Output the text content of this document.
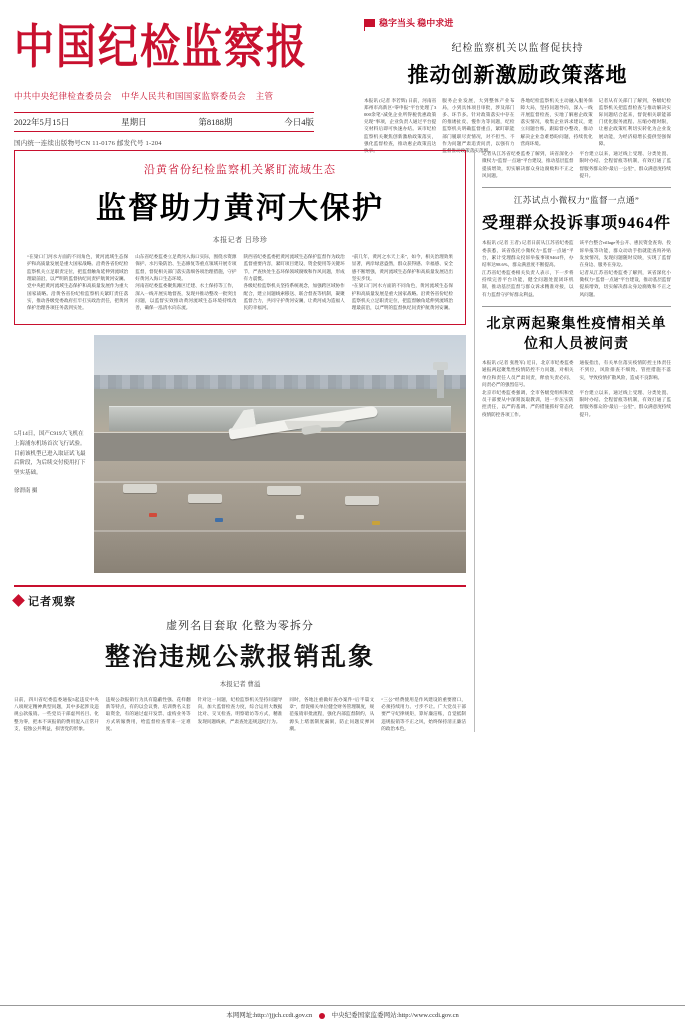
中国纪检监察报
中共中央纪律检查委员会 中华人民共和国国家监察委员会 主管
2022年5月15日	星期日	第8188期	今日4版
国内统一连续出版物号CN 11-0176 邮发代号 1-204
稳字当头 稳中求进
纪检监察机关以监督促扶持
推动创新激励政策落地
本报讯 (记者 李若辉) 日前，河南省郑州市高新区“零申报”平台处理了3000余笔“减免企业所得税优惠政策兑现”事项，企业负责人通过平台提交材料后即可快速办结。该市纪检监察机关聚焦创新激励政策落实，强化监督检查，推动惠企政策直达快享。
服务企业发展，大到整体产业布局，小到具体项目审批，涉及部门多、环节多。针对政策落实中存在的推诿扯皮、慢作为等问题，纪检监察机关明确监督重点，紧盯职能部门履职尽责情况，对不担当、不作为问题严肃追责问责，以强有力监督推动政策落实落细。
各地纪检监察机关主动融入服务保障大局，坚持问题导向，深入一线开展监督检查，实地了解惠企政策落实情况，收集企业诉求建议，建立问题台账，跟踪督办整改，推动解决企业急难愁盼问题，持续优化营商环境。
记者从有关部门了解到，各级纪检监察机关把监督检查与推动解决实际问题结合起来，督促相关职能部门优化服务流程、压缩办理时限，让惠企政策红利切实转化为企业发展动能，为经济稳增长提供坚强保障。
沿黄省份纪检监察机关紧盯流域生态
监督助力黄河大保护
本报记者 吕珍珍
“在梁口门河水方面的不同角色，黄河流域生态保护和高质量发展是重大国家战略。沿黄各省份纪检监察机关立足职责定位，把监督触角延伸到流域治理最前沿，以严明的监督执纪问责护航黄河安澜。
党中央把黄河流域生态保护和高质量发展作为重大国家战略。沿黄各省份纪检监察机关紧盯责任落实，推动各级党委政府扛牢扛实政治责任，把黄河保护治理各项任务落到实处。
山东省纪委监委立足黄河入海口实际，围绕水资源保护、水污染防治、生态修复等重点领域开展专项监督，督促相关部门落实落细各项治理措施，守护好黄河入海口生态环境。
河南省纪委监委聚焦滩区迁建、水土保持等工作，深入一线开展实地督查，发现并推动整改一批突出问题，以监督实效推动黄河流域生态环境持续改善，确保一泓清水向东流。
陕西省纪委监委把黄河流域生态保护监督作为政治监督重要内容，紧盯项目建设、资金使用等关键环节，严查快处生态环保领域腐败和作风问题，形成有力震慑。
各级纪检监察机关坚持系统观念，加强跨区域协作配合，建立问题线索移送、联合督查等机制，凝聚监督合力，共同守护黄河安澜，让黄河成为造福人民的幸福河。
“前几年，黄河之水天上来”，如今，相关治理效果显著，两岸绿意盎然，群众获得感、幸福感、安全感不断增强，黄河流域生态保护和高质量发展迈出坚实步伐。
“在梁口门河水方面的不同角色，黄河流域生态保护和高质量发展是重大国家战略。沿黄各省份纪检监察机关立足职责定位，把监督触角延伸到流域治理最前沿，以严明的监督执纪问责护航黄河安澜。
5月14日，国产C919大飞机在上海浦东机场首次飞行试验。目前该机型已进入取证试飞最后阶段，为后续交付使用打下坚实基础。
徐渭南 摄
记者观察
虚列名目套取 化整为零拆分
整治违规公款报销乱象
本报记者 曹溢
日前，四川省纪委监委通报5起违反中央八项规定精神典型问题，其中多起涉及违规公款报销。一些党员干部虚列名目、化整为零，把本不该报销的费用混入正常开支，侵蚀公共利益，损害党的形象。
违规公款报销行为具有隐蔽性强、花样翻新等特点，有的以会议费、培训费名义套取资金，有的通过虚开发票、虚构业务等方式转嫁费用，给监督检查带来一定难度。
针对这一问题，纪检监察机关坚持问题导向，加大监督检查力度，综合运用大数据比对、交叉检查、明察暗访等方式，精准发现问题线索，严肃查处违规违纪行为。
同时，各地注重做好查办案件“后半篇文章”，督促相关单位健全财务管理制度，规范报销审批流程，强化内部监督制约，从源头上堵塞制度漏洞，防止问题反弹回潮。
“三公”经费使用是作风建设的重要窗口，必须持续用力、寸步不让。广大党员干部要严守纪律规矩，算好廉洁账，自觉抵制违规报销等不正之风，始终保持清正廉洁的政治本色。
记者从江苏省纪委监委了解到，该省深化小微权力“监督一点通”平台建设，推动基层监督提质增效，切实解决群众身边腐败和不正之风问题。
平台建立以来，通过线上受理、分类处置、限时办结、全程留痕等机制，有效打通了监督服务群众的“最后一公里”，群众满意度持续提升。
江苏试点小微权力“监督一点通”
受理群众投诉事项9464件
本报讯 (记者 王者) 记者日前从江苏省纪委监委获悉，该省依托小微权力“监督一点通”平台，累计受理群众投诉举报事项9464件，办结率达98.6%，群众满意度不断提高。
该平台整合village务公开、惠民资金查询、投诉举报等功能，群众动动手指就能查询补贴发放情况，发现问题随时反映，实现了监督在身边、服务在身边。
江苏省纪委监委相关负责人表示，下一步将持续完善平台功能，健全问题处置闭环机制，推动基层监督与群众诉求精准对接，以有力监督守护好群众利益。
记者从江苏省纪委监委了解到，该省深化小微权力“监督一点通”平台建设，推动基层监督提质增效，切实解决群众身边腐败和不正之风问题。
北京两起聚集性疫情相关单位和人员被问责
本报讯 (记者 张胜军) 近日，北京市纪委监委通报两起聚集性疫情防控不力问题，对相关单位和责任人员严肃问责，释放失责必问、问责必严的强烈信号。
通报指出，有关单位落实疫情防控主体责任不到位，风险排查不细致、管控措施不落实，导致疫情扩散风险，造成不良影响。
北京市纪委监委强调，全市各级党组织和党员干部要从中深刻汲取教训，进一步压实防控责任，以严的基调、严的措施抓好常态化疫情防控各项工作。
平台建立以来，通过线上受理、分类处置、限时办结、全程留痕等机制，有效打通了监督服务群众的“最后一公里”，群众满意度持续提升。
本网网址:http://jjjch.ccdi.gov.cn	中央纪委国家监委网站:http://www.ccdi.gov.cn
